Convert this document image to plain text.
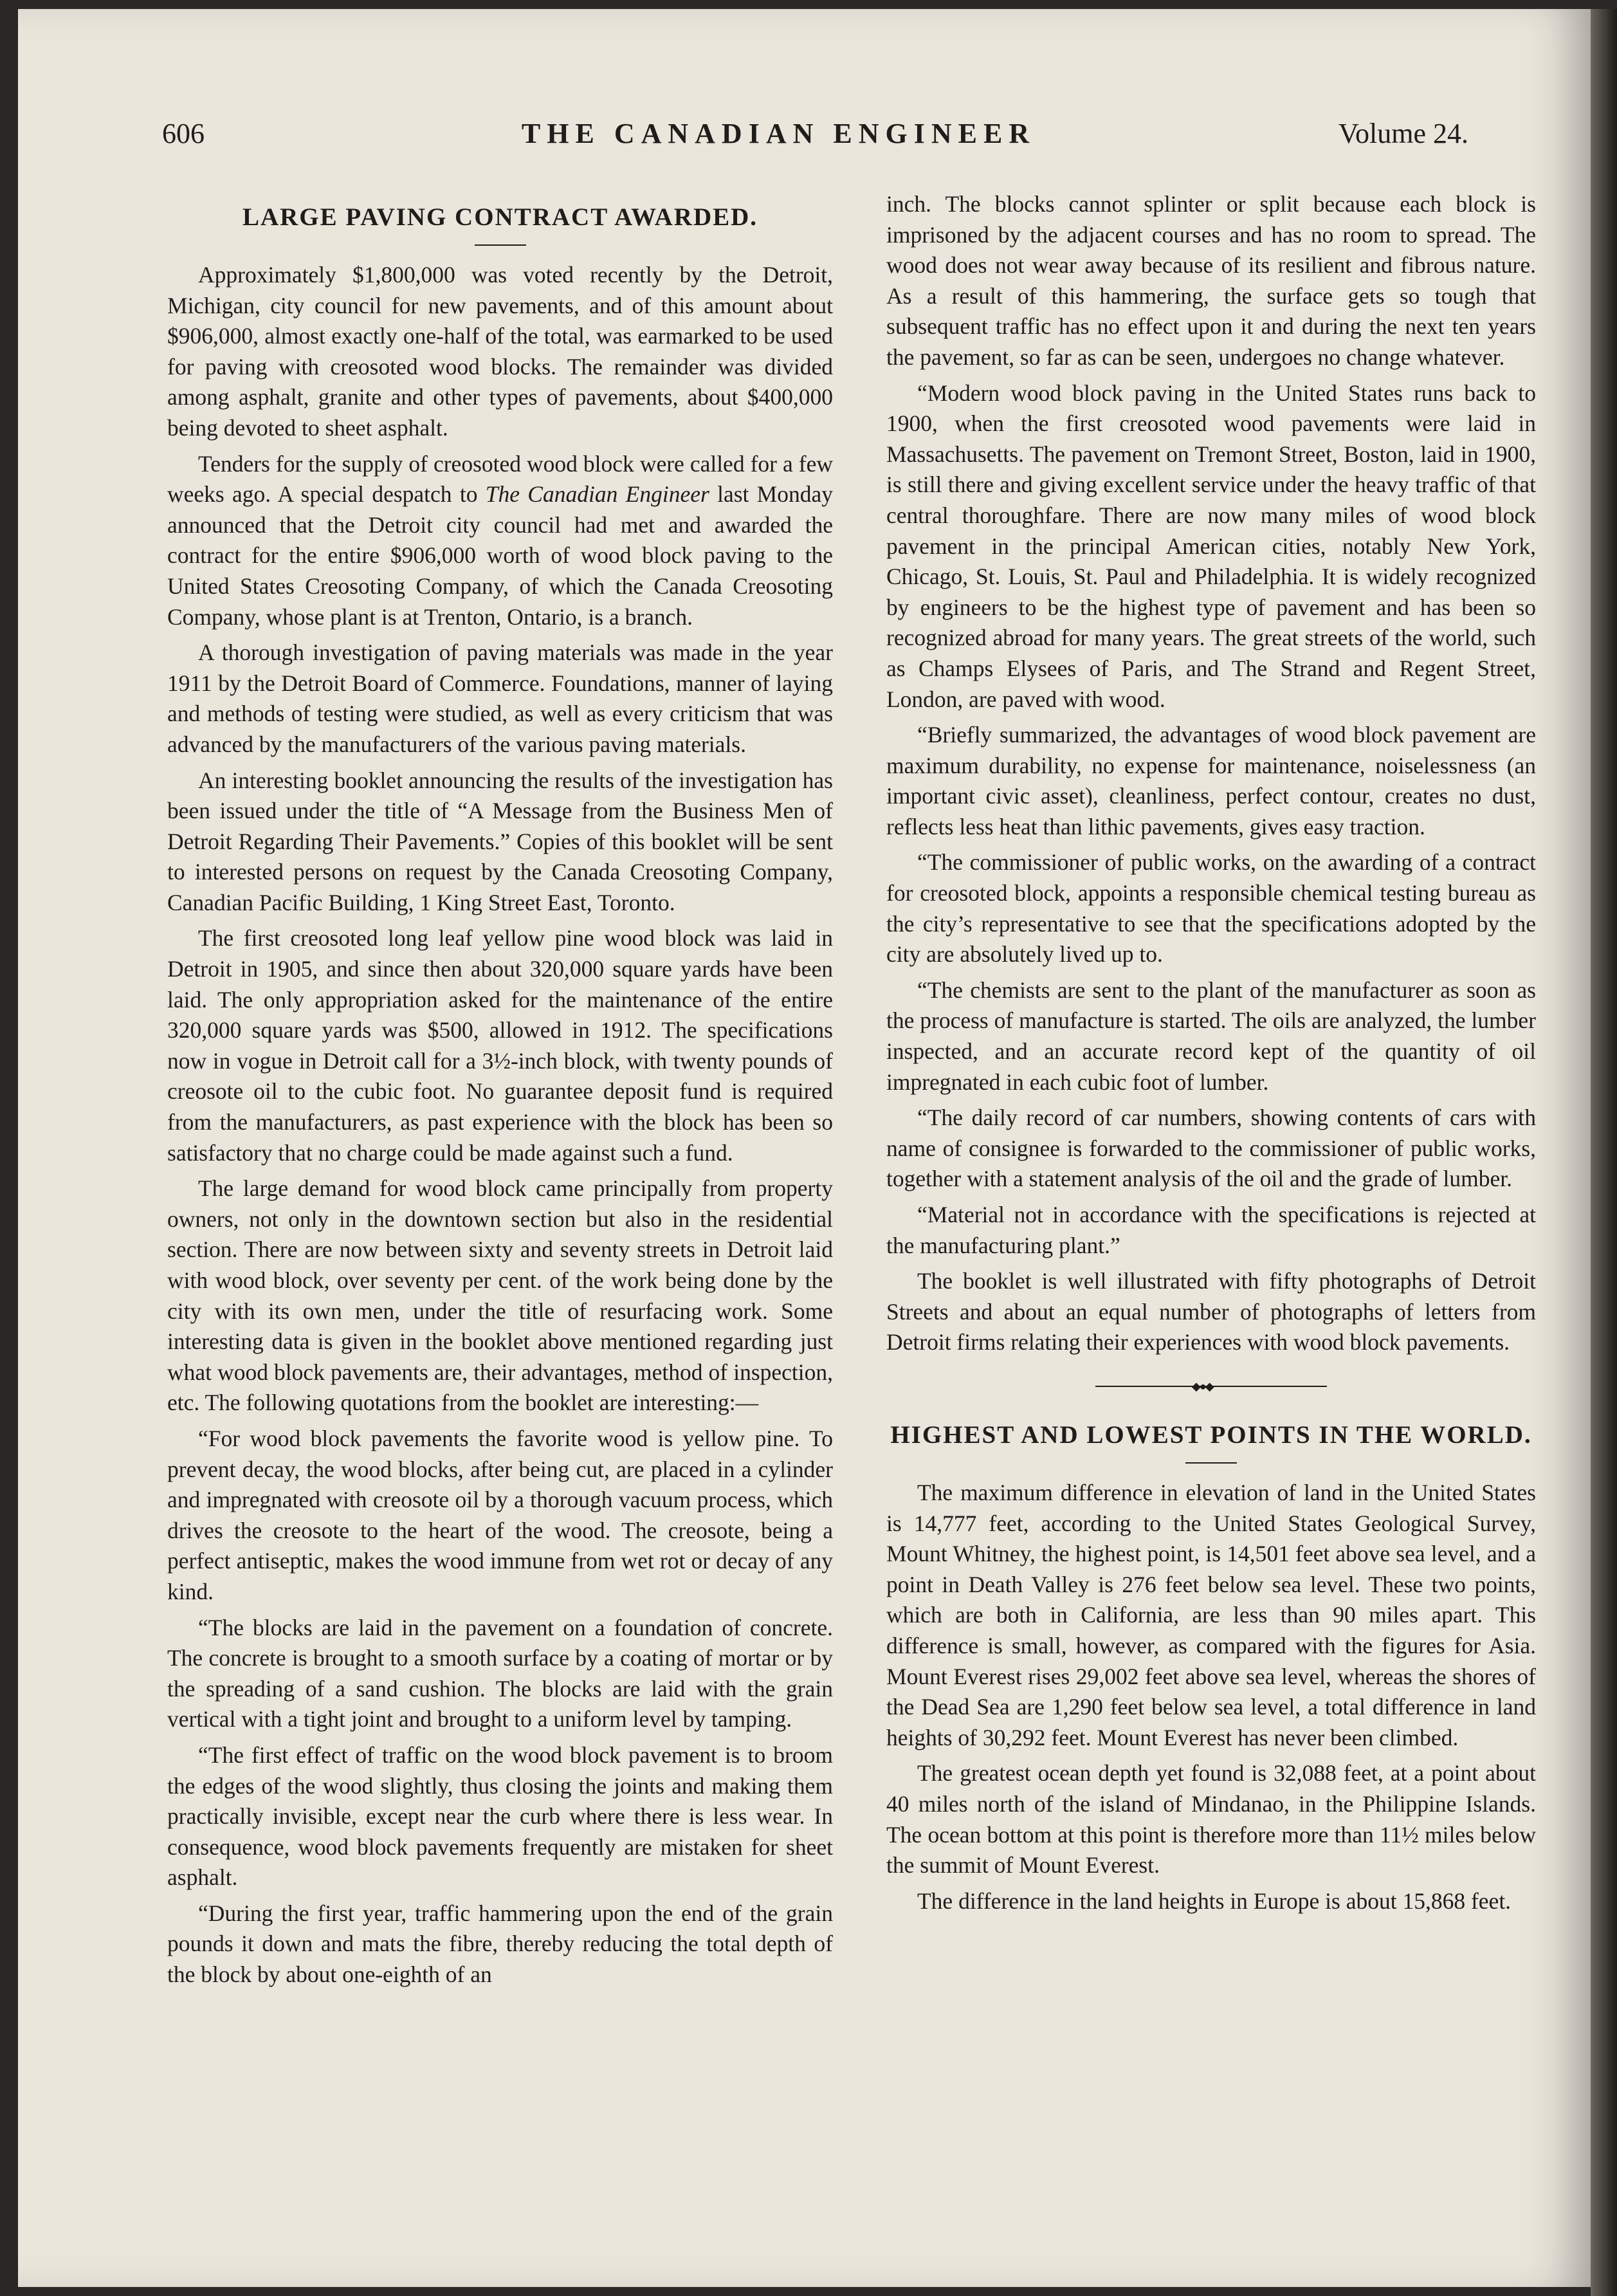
606	THE CANADIAN ENGINEER	Volume 24.
LARGE PAVING CONTRACT AWARDED.

Approximately $1,800,000 was voted recently by the Detroit, Michigan, city council for new pavements, and of this amount about $906,000, almost exactly one-half of the total, was earmarked to be used for paving with creosoted wood blocks. The remainder was divided among asphalt, granite and other types of pavements, about $400,000 being devoted to sheet asphalt.

Tenders for the supply of creosoted wood block were called for a few weeks ago. A special despatch to The Canadian Engineer last Monday announced that the Detroit city council had met and awarded the contract for the entire $906,000 worth of wood block paving to the United States Creosoting Company, of which the Canada Creosoting Company, whose plant is at Trenton, Ontario, is a branch.

A thorough investigation of paving materials was made in the year 1911 by the Detroit Board of Commerce. Foundations, manner of laying and methods of testing were studied, as well as every criticism that was advanced by the manufacturers of the various paving materials.

An interesting booklet announcing the results of the investigation has been issued under the title of “A Message from the Business Men of Detroit Regarding Their Pavements.” Copies of this booklet will be sent to interested persons on request by the Canada Creosoting Company, Canadian Pacific Building, 1 King Street East, Toronto.

The first creosoted long leaf yellow pine wood block was laid in Detroit in 1905, and since then about 320,000 square yards have been laid. The only appropriation asked for the maintenance of the entire 320,000 square yards was $500, allowed in 1912. The specifications now in vogue in Detroit call for a 3½-inch block, with twenty pounds of creosote oil to the cubic foot. No guarantee deposit fund is required from the manufacturers, as past experience with the block has been so satisfactory that no charge could be made against such a fund.

The large demand for wood block came principally from property owners, not only in the downtown section but also in the residential section. There are now between sixty and seventy streets in Detroit laid with wood block, over seventy per cent. of the work being done by the city with its own men, under the title of resurfacing work. Some interesting data is given in the booklet above mentioned regarding just what wood block pavements are, their advantages, method of inspection, etc. The following quotations from the booklet are interesting:—

“For wood block pavements the favorite wood is yellow pine. To prevent decay, the wood blocks, after being cut, are placed in a cylinder and impregnated with creosote oil by a thorough vacuum process, which drives the creosote to the heart of the wood. The creosote, being a perfect antiseptic, makes the wood immune from wet rot or decay of any kind.

“The blocks are laid in the pavement on a foundation of concrete. The concrete is brought to a smooth surface by a coating of mortar or by the spreading of a sand cushion. The blocks are laid with the grain vertical with a tight joint and brought to a uniform level by tamping.

“The first effect of traffic on the wood block pavement is to broom the edges of the wood slightly, thus closing the joints and making them practically invisible, except near the curb where there is less wear. In consequence, wood block pavements frequently are mistaken for sheet asphalt.

“During the first year, traffic hammering upon the end of the grain pounds it down and mats the fibre, thereby reducing the total depth of the block by about one-eighth of an

inch. The blocks cannot splinter or split because each block is imprisoned by the adjacent courses and has no room to spread. The wood does not wear away because of its resilient and fibrous nature. As a result of this hammering, the surface gets so tough that subsequent traffic has no effect upon it and during the next ten years the pavement, so far as can be seen, undergoes no change whatever.

“Modern wood block paving in the United States runs back to 1900, when the first creosoted wood pavements were laid in Massachusetts. The pavement on Tremont Street, Boston, laid in 1900, is still there and giving excellent service under the heavy traffic of that central thoroughfare. There are now many miles of wood block pavement in the principal American cities, notably New York, Chicago, St. Louis, St. Paul and Philadelphia. It is widely recognized by engineers to be the highest type of pavement and has been so recognized abroad for many years. The great streets of the world, such as Champs Elysees of Paris, and The Strand and Regent Street, London, are paved with wood.

“Briefly summarized, the advantages of wood block pavement are maximum durability, no expense for maintenance, noiselessness (an important civic asset), cleanliness, perfect contour, creates no dust, reflects less heat than lithic pavements, gives easy traction.

“The commissioner of public works, on the awarding of a contract for creosoted block, appoints a responsible chemical testing bureau as the city’s representative to see that the specifications adopted by the city are absolutely lived up to.

“The chemists are sent to the plant of the manufacturer as soon as the process of manufacture is started. The oils are analyzed, the lumber inspected, and an accurate record kept of the quantity of oil impregnated in each cubic foot of lumber.

“The daily record of car numbers, showing contents of cars with name of consignee is forwarded to the commissioner of public works, together with a statement analysis of the oil and the grade of lumber.

“Material not in accordance with the specifications is rejected at the manufacturing plant.”

The booklet is well illustrated with fifty photographs of Detroit Streets and about an equal number of photographs of letters from Detroit firms relating their experiences with wood block pavements.

◆●◆
HIGHEST AND LOWEST POINTS IN THE WORLD.

The maximum difference in elevation of land in the United States is 14,777 feet, according to the United States Geological Survey, Mount Whitney, the highest point, is 14,501 feet above sea level, and a point in Death Valley is 276 feet below sea level. These two points, which are both in California, are less than 90 miles apart. This difference is small, however, as compared with the figures for Asia. Mount Everest rises 29,002 feet above sea level, whereas the shores of the Dead Sea are 1,290 feet below sea level, a total difference in land heights of 30,292 feet. Mount Everest has never been climbed.

The greatest ocean depth yet found is 32,088 feet, at a point about 40 miles north of the island of Mindanao, in the Philippine Islands. The ocean bottom at this point is therefore more than 11½ miles below the summit of Mount Everest.

The difference in the land heights in Europe is about 15,868 feet.
